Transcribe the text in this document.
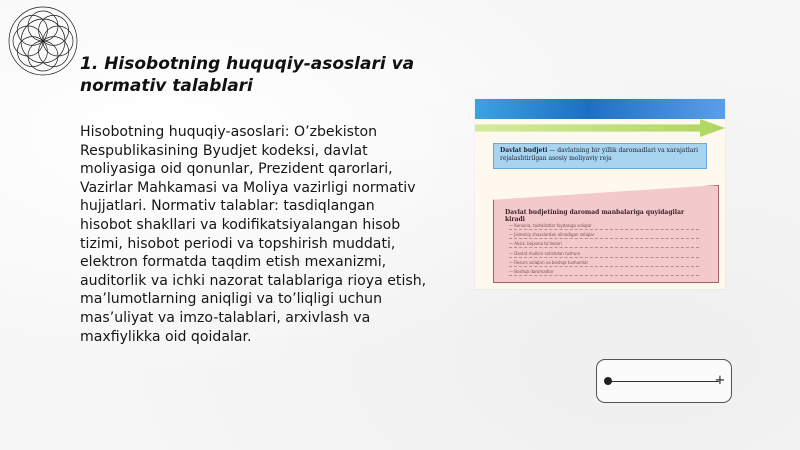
1. Hisobotning huquqiy-asoslari va normativ talablari

Hisobotning huquqiy-asoslari: O’zbekiston Respublikasining Byudjet kodeksi, davlat moliyasiga oid qonunlar, Prezident qarorlari, Vazirlar Mahkamasi va Moliya vazirligi normativ hujjatlari. Normativ talablar: tasdiqlangan hisobot shakllari va kodifikatsiyalangan hisob tizimi, hisobot periodi va topshirish muddati, elektron formatda taqdim etish mexanizmi, auditorlik va ichki nazorat talablariga rioya etish, ma’lumotlarning aniqligi va to’liqligi uchun mas’uliyat va imzo-talablari, arxivlash va maxfiylikka oid qoidalar.

Davlat budjeti — davlatning bir yillik daromadlari va xarajatlari rejalashtirilgan asosiy moliyaviy reja
Davlat budjetining daromad manbalariga quyidagilar kiradi
— Korxona, tashkilotlar foydasiga soliqlar
— Jismoniy shaxslardan olinadigan soliqlar
— Aksiz, bojxona to‘lovlari
— Davlat mulkini sotishdan tushum
— Resurs soliqlari va boshqa tushumlar
— Boshqa daromadlar
+
